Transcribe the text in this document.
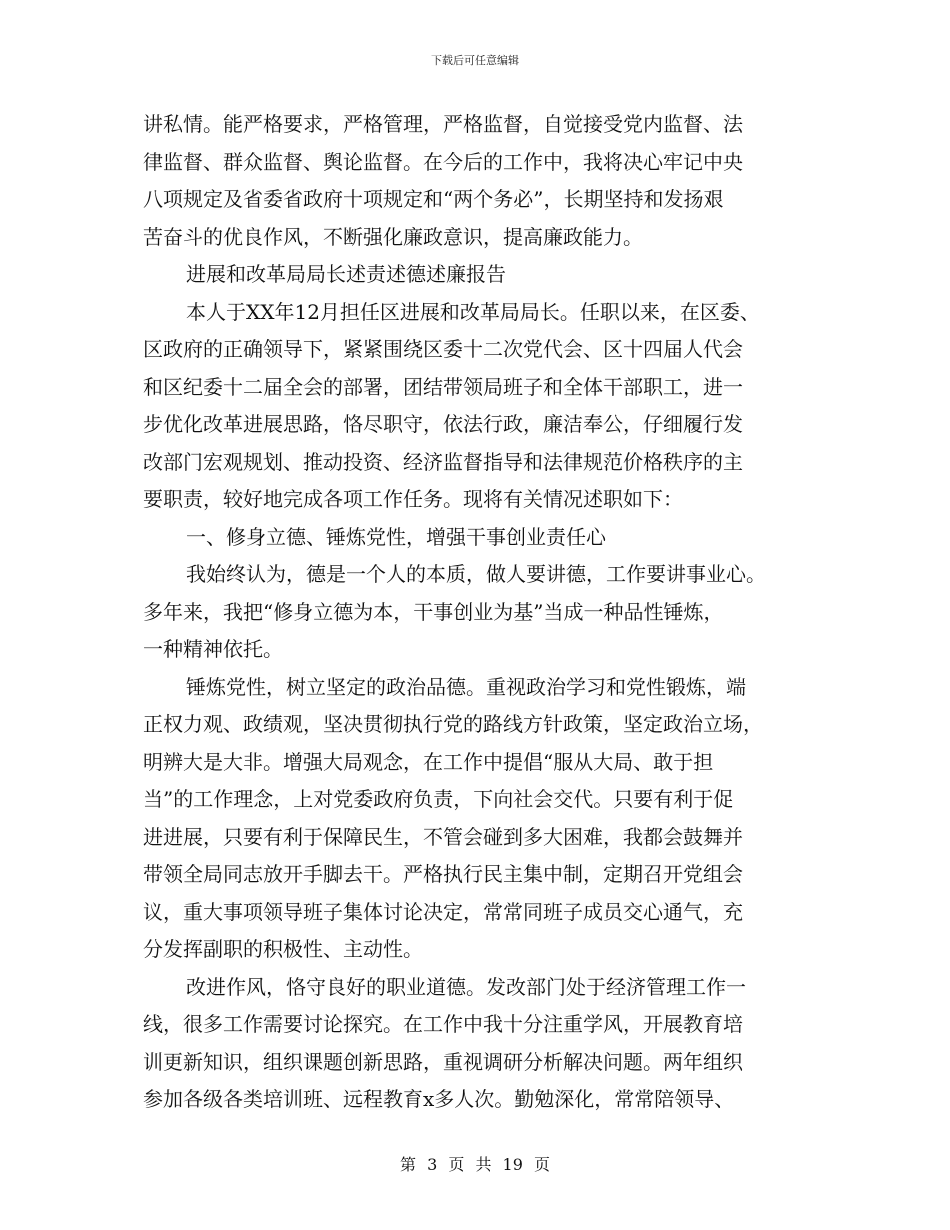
下载后可任意编辑
讲私情。能严格要求，严格管理，严格监督，自觉接受党内监督、法
律监督、群众监督、舆论监督。在今后的工作中，我将决心牢记中央
八项规定及省委省政府十项规定和“两个务必”，长期坚持和发扬艰
苦奋斗的优良作风，不断强化廉政意识，提高廉政能力。
进展和改革局局长述责述德述廉报告
本人于XX年12月担任区进展和改革局局长。任职以来，在区委、
区政府的正确领导下，紧紧围绕区委十二次党代会、区十四届人代会
和区纪委十二届全会的部署，团结带领局班子和全体干部职工，进一
步优化改革进展思路，恪尽职守，依法行政，廉洁奉公，仔细履行发
改部门宏观规划、推动投资、经济监督指导和法律规范价格秩序的主
要职责，较好地完成各项工作任务。现将有关情况述职如下：
一、修身立德、锤炼党性，增强干事创业责任心
我始终认为，德是一个人的本质，做人要讲德，工作要讲事业心。
多年来，我把“修身立德为本，干事创业为基”当成一种品性锤炼，
一种精神依托。
锤炼党性，树立坚定的政治品德。重视政治学习和党性锻炼，端
正权力观、政绩观，坚决贯彻执行党的路线方针政策，坚定政治立场，
明辨大是大非。增强大局观念，在工作中提倡“服从大局、敢于担
当”的工作理念，上对党委政府负责，下向社会交代。只要有利于促
进进展，只要有利于保障民生，不管会碰到多大困难，我都会鼓舞并
带领全局同志放开手脚去干。严格执行民主集中制，定期召开党组会
议，重大事项领导班子集体讨论决定，常常同班子成员交心通气，充
分发挥副职的积极性、主动性。
改进作风，恪守良好的职业道德。发改部门处于经济管理工作一
线，很多工作需要讨论探究。在工作中我十分注重学风，开展教育培
训更新知识，组织课题创新思路，重视调研分析解决问题。两年组织
参加各级各类培训班、远程教育x多人次。勤勉深化，常常陪领导、
第 3 页 共 19 页
